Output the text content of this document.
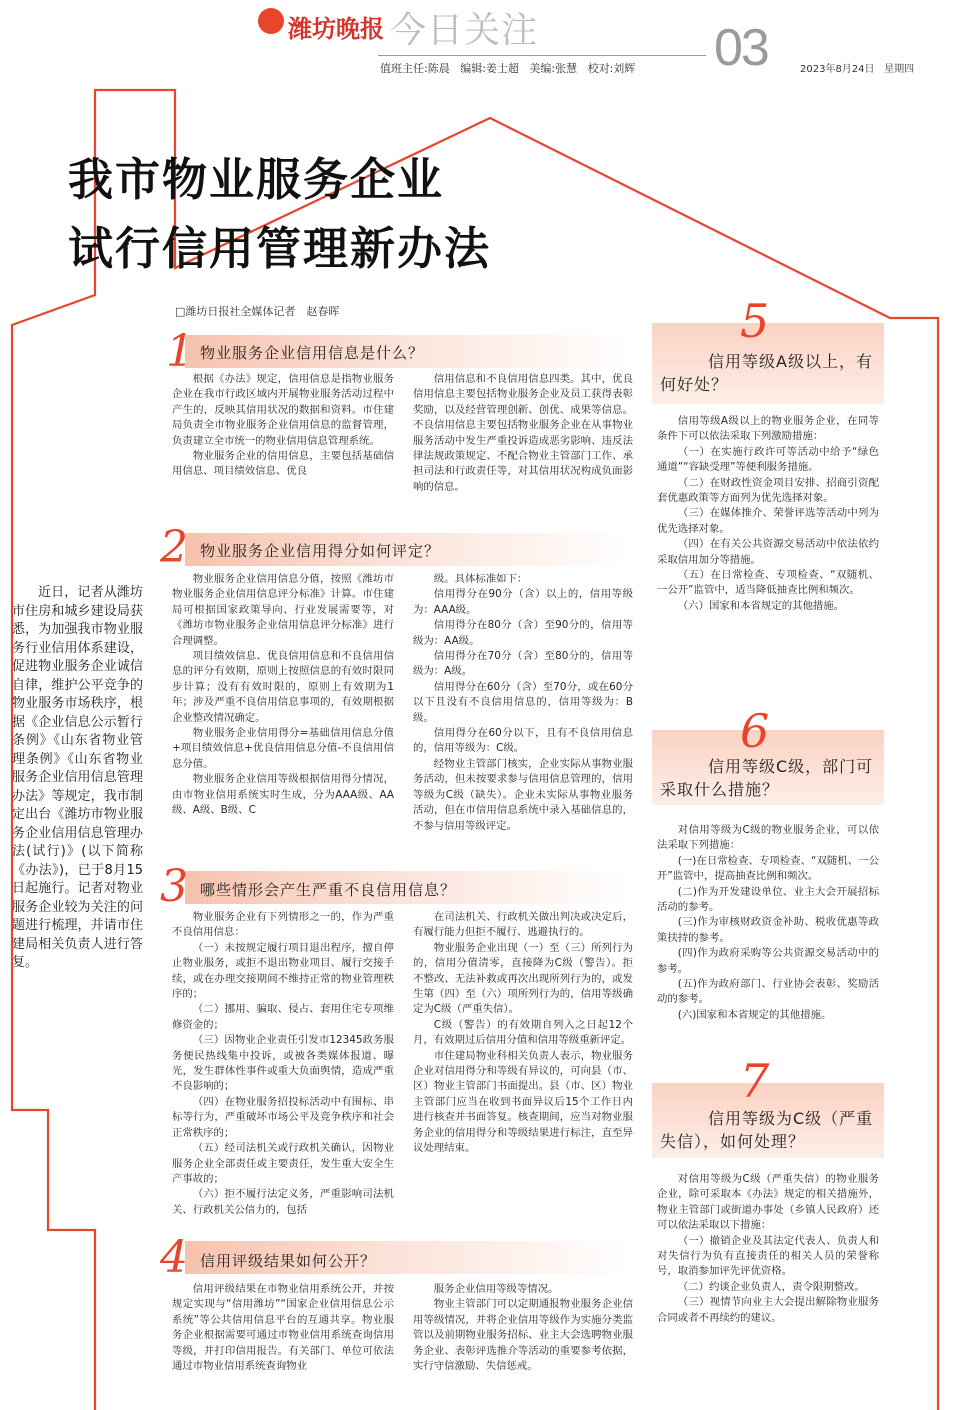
潍坊晚报 今日关注	03
值班主任:陈晨   编辑:姜士超   美编:张慧   校对:刘辉	2023年8月24日   星期四
我市物业服务企业
试行信用管理新办法
□潍坊日报社全媒体记者　赵春晖
近日，记者从潍坊市住房和城乡建设局获悉，为加强我市物业服务行业信用体系建设，促进物业服务企业诚信自律，维护公平竞争的物业服务市场秩序，根据《企业信息公示暂行条例》《山东省物业管理条例》《山东省物业服务企业信用信息管理办法》等规定，我市制定出台《潍坊市物业服务企业信用信息管理办法(试行)》(以下简称《办法》)，已于8月15日起施行。记者对物业服务企业较为关注的问题进行梳理，并请市住建局相关负责人进行答复。
1 物业服务企业信用信息是什么？

根据《办法》规定，信用信息是指物业服务企业在我市行政区域内开展物业服务活动过程中产生的，反映其信用状况的数据和资料。市住建局负责全市物业服务企业信用信息的监督管理，负责建立全市统一的物业信用信息管理系统。

物业服务企业的信用信息，主要包括基础信用信息、项目绩效信息、优良

信用信息和不良信用信息四类。其中，优良信用信息主要包括物业服务企业及员工获得表彰奖励，以及经营管理创新、创优、成果等信息。不良信用信息主要包括物业服务企业在从事物业服务活动中发生严重投诉造成恶劣影响、违反法律法规政策规定、不配合物业主管部门工作、承担司法和行政责任等，对其信用状况构成负面影响的信息。

2 物业服务企业信用得分如何评定？

物业服务企业信用信息分值，按照《潍坊市物业服务企业信用信息评分标准》计算。市住建局可根据国家政策导向、行业发展需要等，对《潍坊市物业服务企业信用信息评分标准》进行合理调整。

项目绩效信息、优良信用信息和不良信用信息的评分有效期，原则上按照信息的有效时限同步计算；没有有效时限的，原则上有效期为1年；涉及严重不良信用信息事项的，有效期根据企业整改情况确定。

物业服务企业信用得分=基础信用信息分值+项目绩效信息+优良信用信息分值-不良信用信息分值。

物业服务企业信用等级根据信用得分情况，由市物业信用系统实时生成，分为AAA级、AA级、A级、B级、C

级。具体标准如下：

信用得分在90分（含）以上的，信用等级为：AAA级。

信用得分在80分（含）至90分的，信用等级为：AA级。

信用得分在70分（含）至80分的，信用等级为：A级。

信用得分在60分（含）至70分，或在60分以下且没有不良信用信息的，信用等级为：B级。

信用得分在60分以下，且有不良信用信息的，信用等级为：C级。

经物业主管部门核实，企业实际从事物业服务活动，但未按要求参与信用信息管理的，信用等级为C级（缺失）。企业未实际从事物业服务活动，但在市信用信息系统中录入基础信息的，不参与信用等级评定。

3 哪些情形会产生严重不良信用信息？

物业服务企业有下列情形之一的，作为严重不良信用信息：

（一）未按规定履行项目退出程序，擅自停止物业服务，或拒不退出物业项目、履行交接手续，或在办理交接期间不维持正常的物业管理秩序的；

（二）挪用、骗取、侵占、套用住宅专项维修资金的；

（三）因物业企业责任引发市12345政务服务便民热线集中投诉，或被各类媒体报道、曝光，发生群体性事件或重大负面舆情，造成严重不良影响的；

（四）在物业服务招投标活动中有围标、串标等行为，严重破坏市场公平及竞争秩序和社会正常秩序的；

（五）经司法机关或行政机关确认，因物业服务企业全部责任或主要责任，发生重大安全生产事故的；

（六）拒不履行法定义务，严重影响司法机关、行政机关公信力的，包括

在司法机关、行政机关做出判决或决定后，有履行能力但拒不履行、逃避执行的。

物业服务企业出现（一）至（三）所列行为的，信用分值清零，直接降为C级（警告）。拒不整改、无法补救或再次出现所列行为的，或发生第（四）至（六）项所列行为的，信用等级确定为C级（严重失信）。

C级（警告）的有效期自列入之日起12个月，有效期过后信用分值和信用等级重新评定。

市住建局物业科相关负责人表示，物业服务企业对信用得分和等级有异议的，可向县（市、区）物业主管部门书面提出。县（市、区）物业主管部门应当在收到书面异议后15个工作日内进行核查并书面答复。核查期间，应当对物业服务企业的信用得分和等级结果进行标注，直至异议处理结束。

4 信用评级结果如何公开？

信用评级结果在市物业信用系统公开，并按规定实现与“信用潍坊”“国家企业信用信息公示系统”等公共信用信息平台的互通共享。物业服务企业根据需要可通过市物业信用系统查询信用等级，并打印信用报告。有关部门、单位可依法通过市物业信用系统查询物业

服务企业信用等级等情况。

物业主管部门可以定期通报物业服务企业信用等级情况，并将企业信用等级作为实施分类监管以及前期物业服务招标、业主大会选聘物业服务企业、表彰评选推介等活动的重要参考依据，实行守信激励、失信惩戒。

5
信用等级A级以上，有何好处？

信用等级A级以上的物业服务企业，在同等条件下可以依法采取下列激励措施：

（一）在实施行政许可等活动中给予“绿色通道”“容缺受理”等便利服务措施。

（二）在财政性资金项目安排、招商引资配套优惠政策等方面列为优先选择对象。

（三）在媒体推介、荣誉评选等活动中列为优先选择对象。

（四）在有关公共资源交易活动中依法依约采取信用加分等措施。

（五）在日常检查、专项检查、“双随机、一公开”监管中，适当降低抽查比例和频次。

（六）国家和本省规定的其他措施。

6
信用等级C级，部门可采取什么措施？

对信用等级为C级的物业服务企业，可以依法采取下列措施：

(一)在日常检查、专项检查、“双随机、一公开”监管中，提高抽查比例和频次。

(二)作为开发建设单位、业主大会开展招标活动的参考。

(三)作为审核财政资金补助、税收优惠等政策扶持的参考。

(四)作为政府采购等公共资源交易活动中的参考。

(五)作为政府部门、行业协会表彰、奖励活动的参考。

(六)国家和本省规定的其他措施。

7
信用等级为C级（严重失信），如何处理？

对信用等级为C级（严重失信）的物业服务企业，除可采取本《办法》规定的相关措施外，物业主管部门或街道办事处（乡镇人民政府）还可以依法采取以下措施：

（一）撤销企业及其法定代表人、负责人和对失信行为负有直接责任的相关人员的荣誉称号，取消参加评先评优资格。

（二）约谈企业负责人，责令限期整改。

（三）视情节向业主大会提出解除物业服务合同或者不再续约的建议。
